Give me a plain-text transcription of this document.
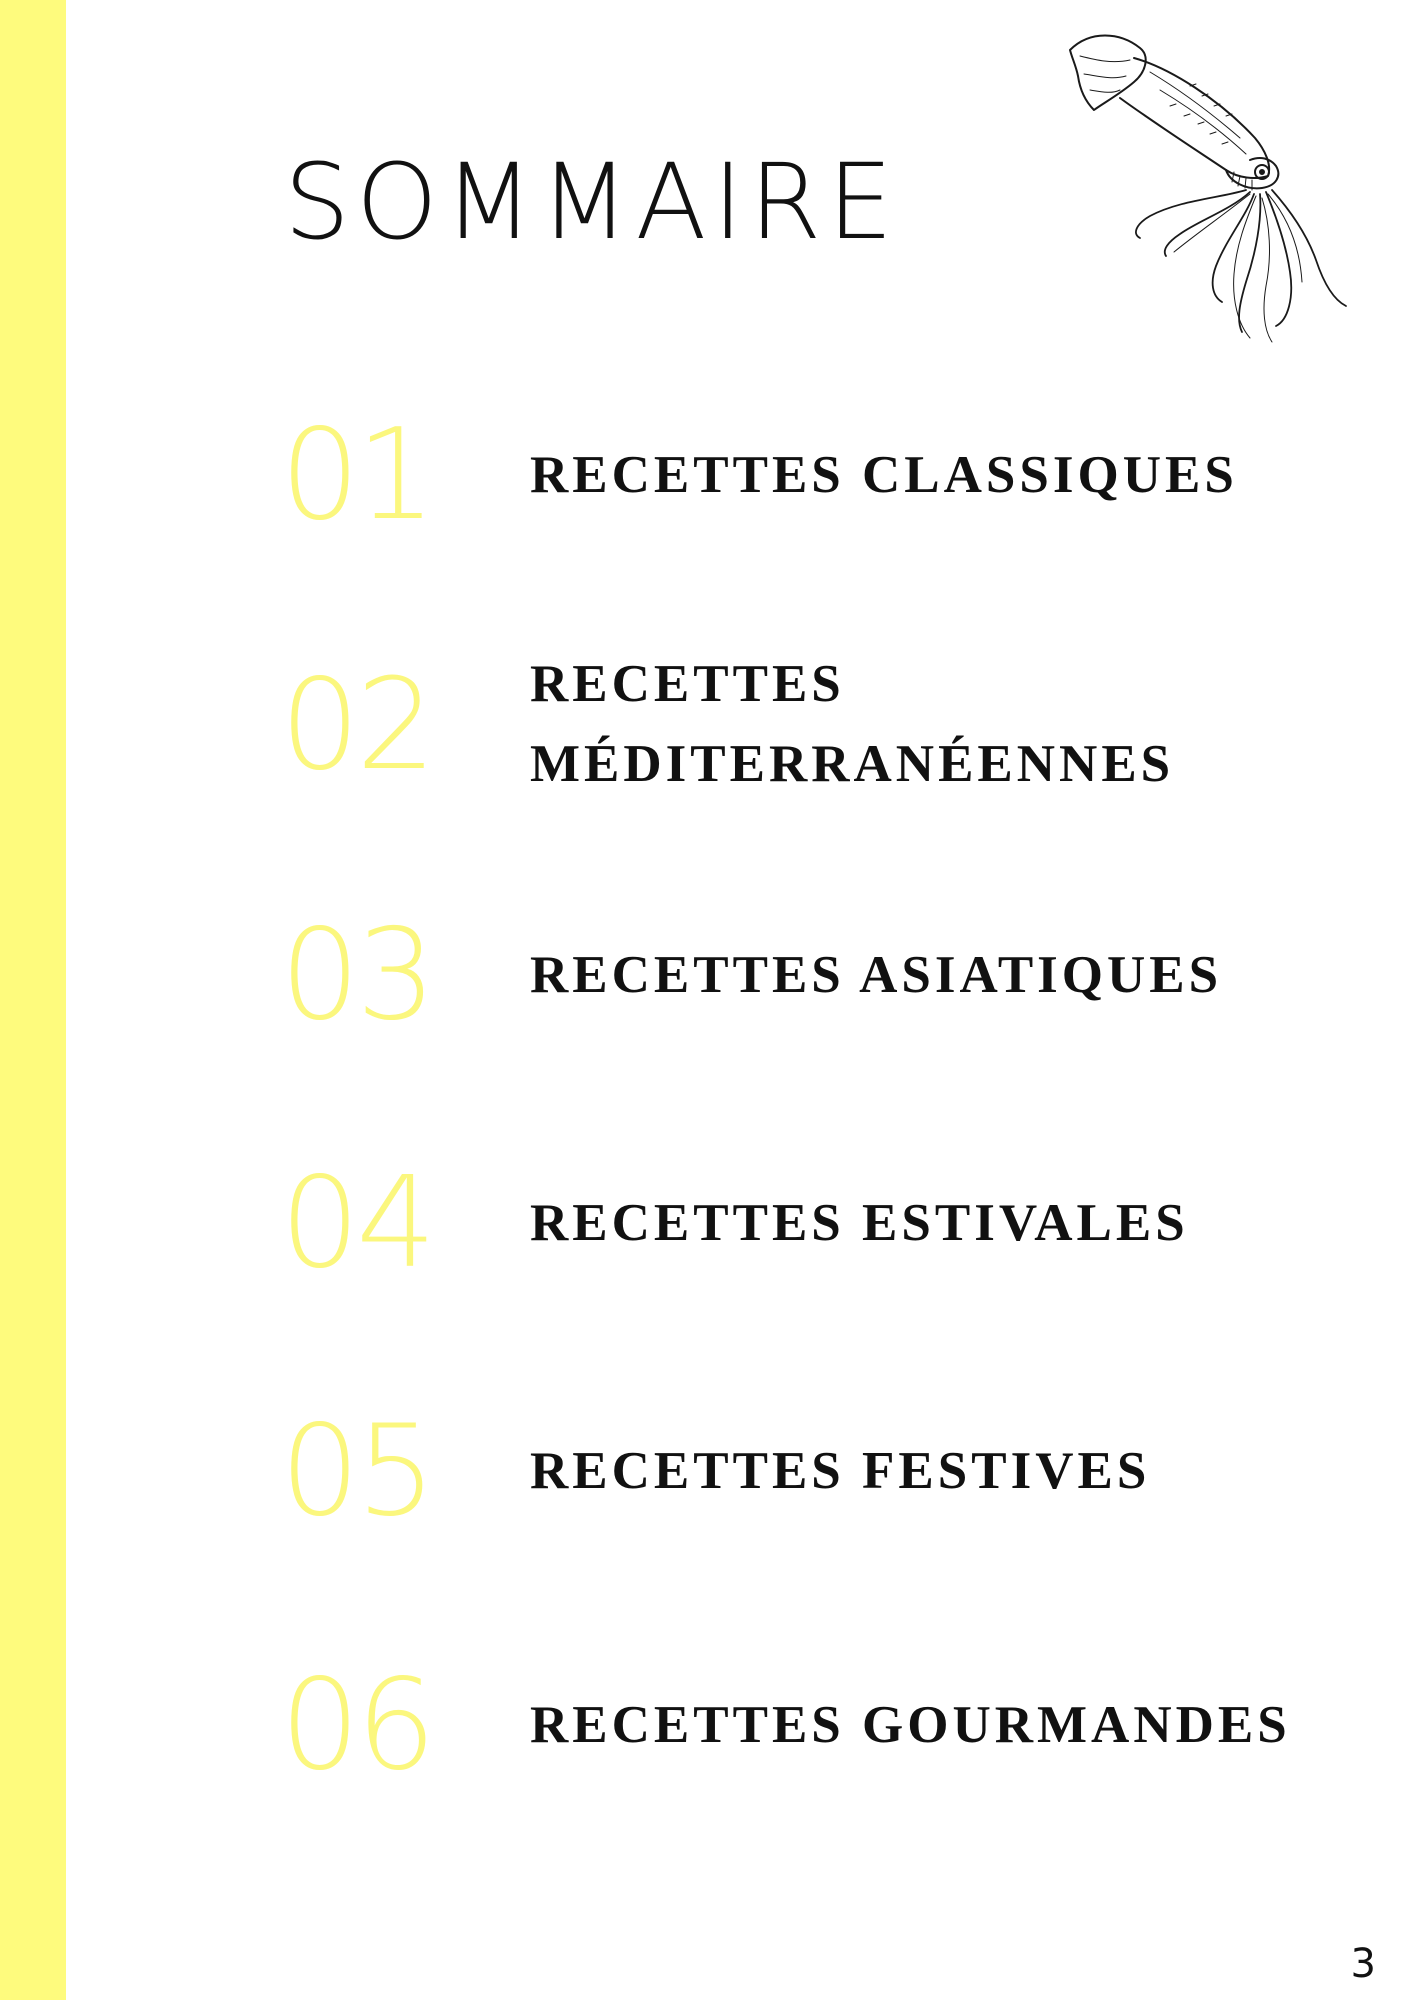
SOMMAIRE
01 RECETTES CLASSIQUES
02 RECETTES MÉDITERRANÉENNES
03 RECETTES ASIATIQUES
04 RECETTES ESTIVALES
05 RECETTES FESTIVES
06 RECETTES GOURMANDES
3
